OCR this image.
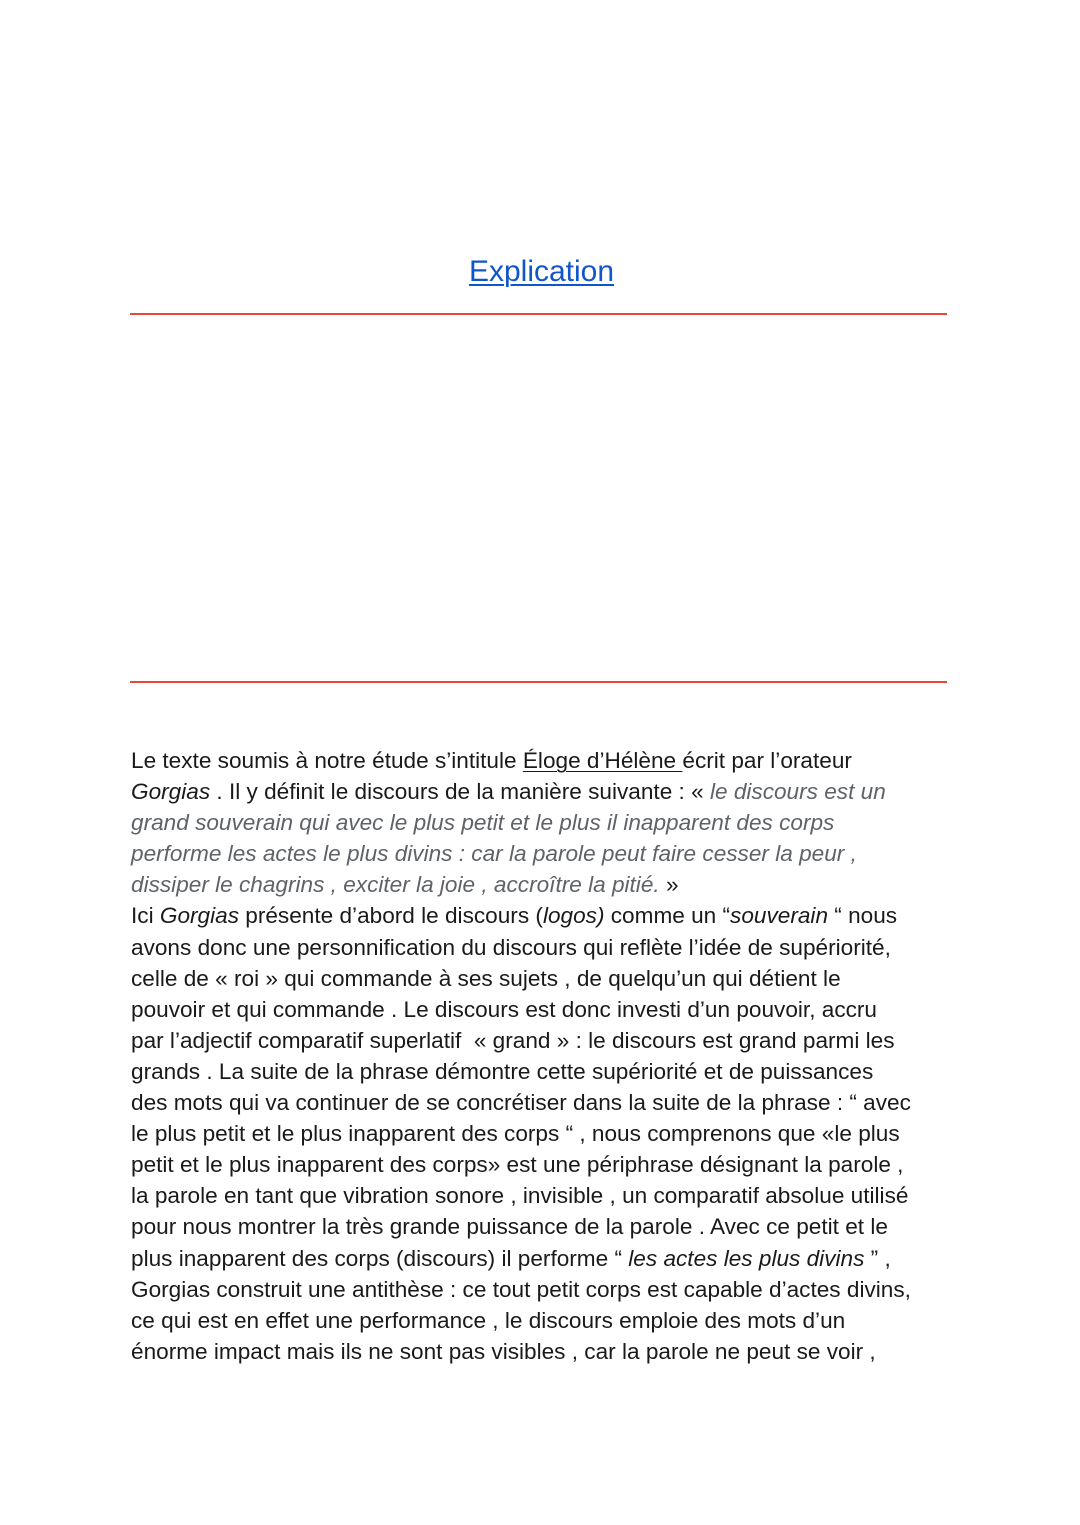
Explication
Le texte soumis à notre étude s’intitule Éloge d’Hélène écrit par l’orateur
Gorgias . Il y définit le discours de la manière suivante : « le discours est un
grand souverain qui avec le plus petit et le plus il inapparent des corps
performe les actes le plus divins : car la parole peut faire cesser la peur ,
dissiper le chagrins , exciter la joie , accroître la pitié. »
Ici Gorgias présente d’abord le discours (logos) comme un “souverain “ nous
avons donc une personnification du discours qui reflète l’idée de supériorité,
celle de « roi » qui commande à ses sujets , de quelqu’un qui détient le
pouvoir et qui commande . Le discours est donc investi d’un pouvoir, accru
par l’adjectif comparatif superlatif  « grand » : le discours est grand parmi les
grands . La suite de la phrase démontre cette supériorité et de puissances
des mots qui va continuer de se concrétiser dans la suite de la phrase : “ avec
le plus petit et le plus inapparent des corps “ , nous comprenons que «le plus
petit et le plus inapparent des corps» est une périphrase désignant la parole ,
la parole en tant que vibration sonore , invisible , un comparatif absolue utilisé
pour nous montrer la très grande puissance de la parole . Avec ce petit et le
plus inapparent des corps (discours) il performe “ les actes les plus divins ” ,
Gorgias construit une antithèse : ce tout petit corps est capable d’actes divins,
ce qui est en effet une performance , le discours emploie des mots d’un
énorme impact mais ils ne sont pas visibles , car la parole ne peut se voir ,
